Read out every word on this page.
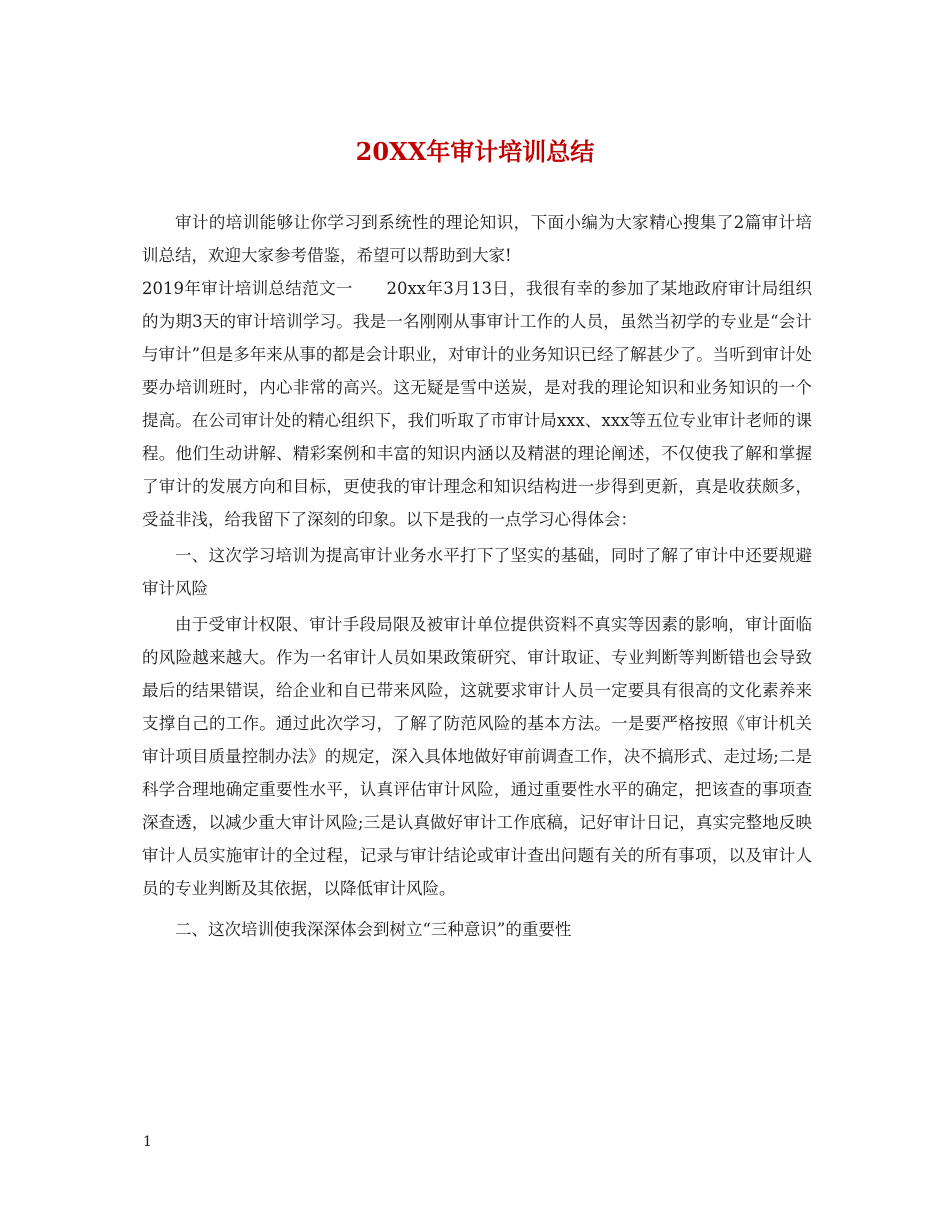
20XX年审计培训总结

审计的培训能够让你学习到系统性的理论知识，下面小编为大家精心搜集了2篇审计培训总结，欢迎大家参考借鉴，希望可以帮助到大家!

2019年审计培训总结范文一　　20xx年3月13日，我很有幸的参加了某地政府审计局组织的为期3天的审计培训学习。我是一名刚刚从事审计工作的人员，虽然当初学的专业是“会计与审计”但是多年来从事的都是会计职业，对审计的业务知识已经了解甚少了。当听到审计处要办培训班时，内心非常的高兴。这无疑是雪中送炭，是对我的理论知识和业务知识的一个提高。在公司审计处的精心组织下，我们听取了市审计局xxx、xxx等五位专业审计老师的课程。他们生动讲解、精彩案例和丰富的知识内涵以及精湛的理论阐述，不仅使我了解和掌握了审计的发展方向和目标，更使我的审计理念和知识结构进一步得到更新，真是收获颇多，受益非浅，给我留下了深刻的印象。以下是我的一点学习心得体会：

一、这次学习培训为提高审计业务水平打下了坚实的基础，同时了解了审计中还要规避审计风险

由于受审计权限、审计手段局限及被审计单位提供资料不真实等因素的影响，审计面临的风险越来越大。作为一名审计人员如果政策研究、审计取证、专业判断等判断错也会导致最后的结果错误，给企业和自已带来风险，这就要求审计人员一定要具有很高的文化素养来支撑自己的工作。通过此次学习，了解了防范风险的基本方法。一是要严格按照《审计机关审计项目质量控制办法》的规定，深入具体地做好审前调查工作，决不搞形式、走过场;二是科学合理地确定重要性水平，认真评估审计风险，通过重要性水平的确定，把该查的事项查深查透，以减少重大审计风险;三是认真做好审计工作底稿，记好审计日记，真实完整地反映审计人员实施审计的全过程，记录与审计结论或审计查出问题有关的所有事项，以及审计人员的专业判断及其依据，以降低审计风险。

二、这次培训使我深深体会到树立“三种意识”的重要性

1
